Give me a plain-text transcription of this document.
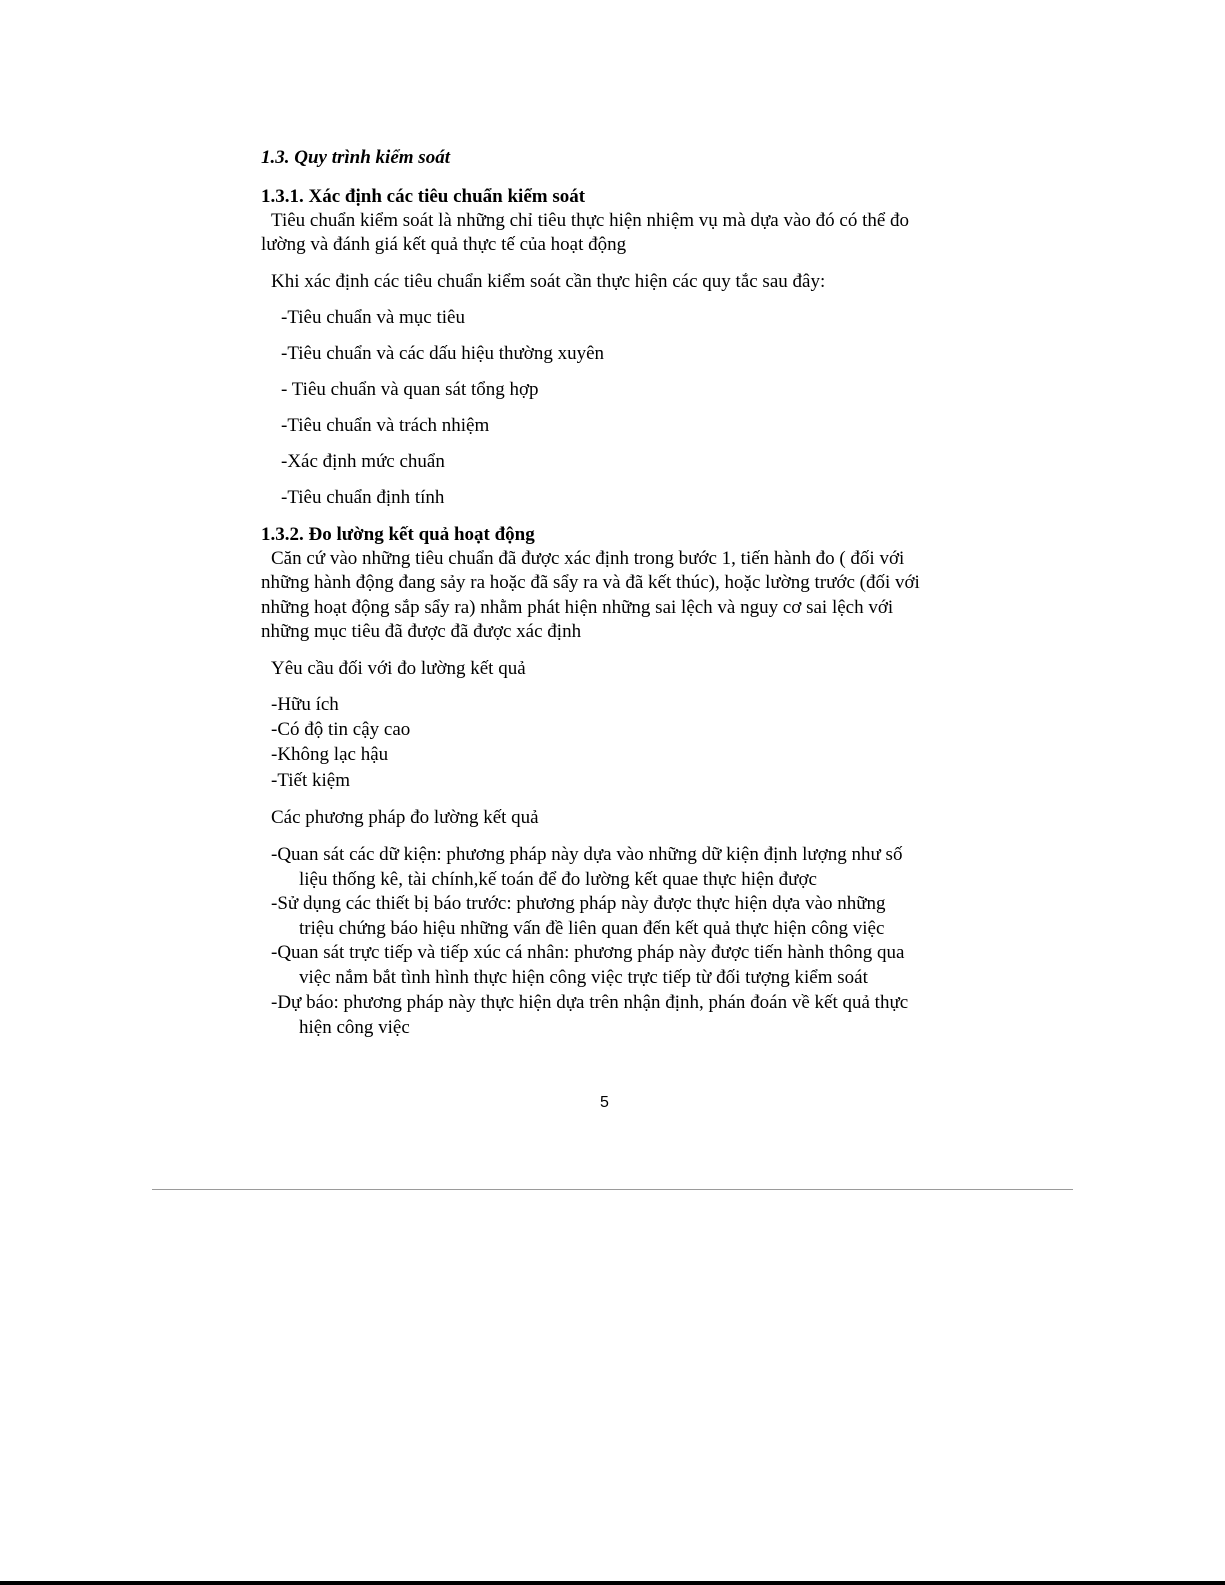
1.3. Quy trình kiểm soát
1.3.1. Xác định các tiêu chuẩn kiểm soát
Tiêu chuẩn kiểm soát là những chỉ tiêu thực hiện nhiệm vụ mà dựa vào đó có thể đo
lường và đánh giá kết quả thực tế của hoạt động
Khi xác định các tiêu chuẩn kiểm soát cần thực hiện các quy tắc sau đây:
-Tiêu chuẩn và mục tiêu
-Tiêu chuẩn và các dấu hiệu thường xuyên
- Tiêu chuẩn và quan sát tổng hợp
-Tiêu chuẩn và trách nhiệm
-Xác định mức chuẩn
-Tiêu chuẩn định tính
1.3.2. Đo lường kết quả hoạt động
Căn cứ vào những tiêu chuẩn đã được xác định trong bước 1, tiến hành đo ( đối với
những hành động đang sảy ra hoặc đã sẩy ra và đã kết thúc), hoặc lường trước (đối với
những hoạt động sắp sẩy ra) nhằm phát hiện những sai lệch và nguy cơ sai lệch với
những mục tiêu đã được đã được xác định
Yêu cầu đối với đo lường kết quả
-Hữu ích
-Có độ tin cậy cao
-Không lạc hậu
-Tiết kiệm
Các phương pháp đo lường kết quả
-Quan sát các dữ kiện: phương pháp này dựa vào những dữ kiện định lượng như số
liệu thống kê, tài chính,kế toán để đo lường kết quae thực hiện được
-Sử dụng các thiết bị báo trước: phương pháp này được thực hiện dựa vào những
triệu chứng báo hiệu những vấn đề liên quan đến kết quả thực hiện công việc
-Quan sát trực tiếp và tiếp xúc cá nhân: phương pháp này được tiến hành thông qua
việc nắm bắt tình hình thực hiện công việc trực tiếp từ đối tượng kiểm soát
-Dự báo: phương pháp này thực hiện dựa trên nhận định, phán đoán về kết quả thực
hiện công việc
5
